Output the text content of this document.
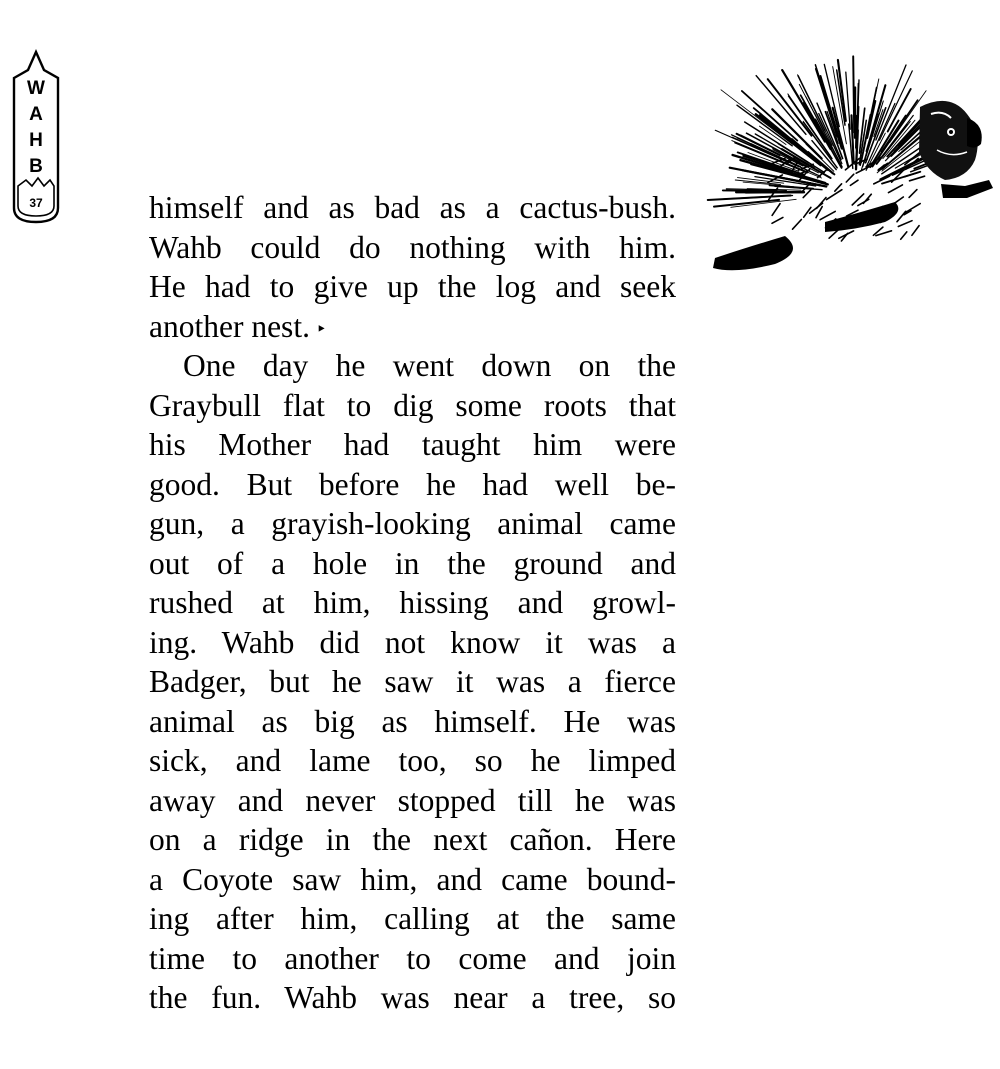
W
A
H
B
37	himself and as bad as a cactus-bush.
Wahb could do nothing with him.
He had to give up the log and seek
another nest. ‣
One day he went down on the
Graybull flat to dig some roots that
his Mother had taught him were
good. But before he had well be-
gun, a grayish-looking animal came
out of a hole in the ground and
rushed at him, hissing and growl-
ing. Wahb did not know it was a
Badger, but he saw it was a fierce
animal as big as himself. He was
sick, and lame too, so he limped
away and never stopped till he was
on a ridge in the next cañon. Here
a Coyote saw him, and came bound-
ing after him, calling at the same
time to another to come and join
the fun. Wahb was near a tree, so
